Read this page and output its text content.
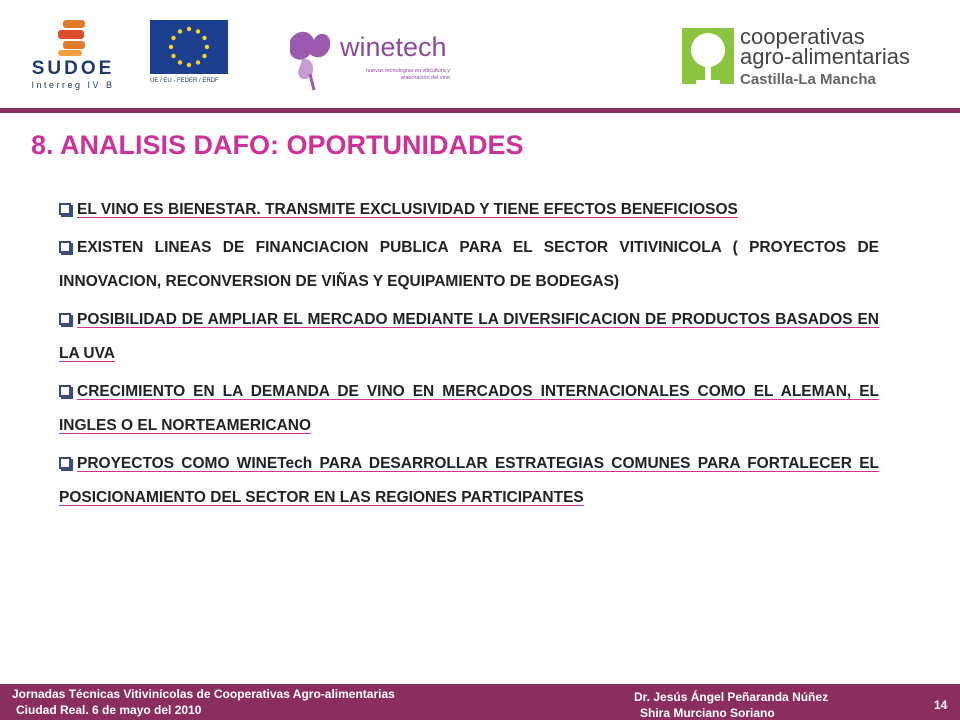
SUDOE
Interreg IV B	UE / EU - FEDER / ERDF
winetech
nuevas tecnologías en viticultura y elaboración del vino
cooperativas
agro-alimentarias
Castilla-La Mancha
8. ANALISIS DAFO: OPORTUNIDADES

EL VINO ES BIENESTAR. TRANSMITE EXCLUSIVIDAD Y TIENE EFECTOS BENEFICIOSOS

EXISTEN LINEAS DE FINANCIACION PUBLICA PARA EL SECTOR VITIVINICOLA ( PROYECTOS DE INNOVACION, RECONVERSION DE VIÑAS Y EQUIPAMIENTO DE BODEGAS)

POSIBILIDAD DE AMPLIAR EL MERCADO MEDIANTE LA DIVERSIFICACION DE PRODUCTOS BASADOS EN LA UVA

CRECIMIENTO EN LA DEMANDA DE VINO EN MERCADOS INTERNACIONALES COMO EL ALEMAN, EL INGLES O EL NORTEAMERICANO

PROYECTOS COMO WINETech PARA DESARROLLAR ESTRATEGIAS COMUNES PARA FORTALECER EL POSICIONAMIENTO DEL SECTOR EN LAS REGIONES PARTICIPANTES

Jornadas Técnicas Vitivinícolas de Cooperativas Agro-alimentarias
Ciudad Real. 6 de mayo del 2010
Dr. Jesús Ángel Peñaranda Núñez
Shira Murciano Soriano
14
